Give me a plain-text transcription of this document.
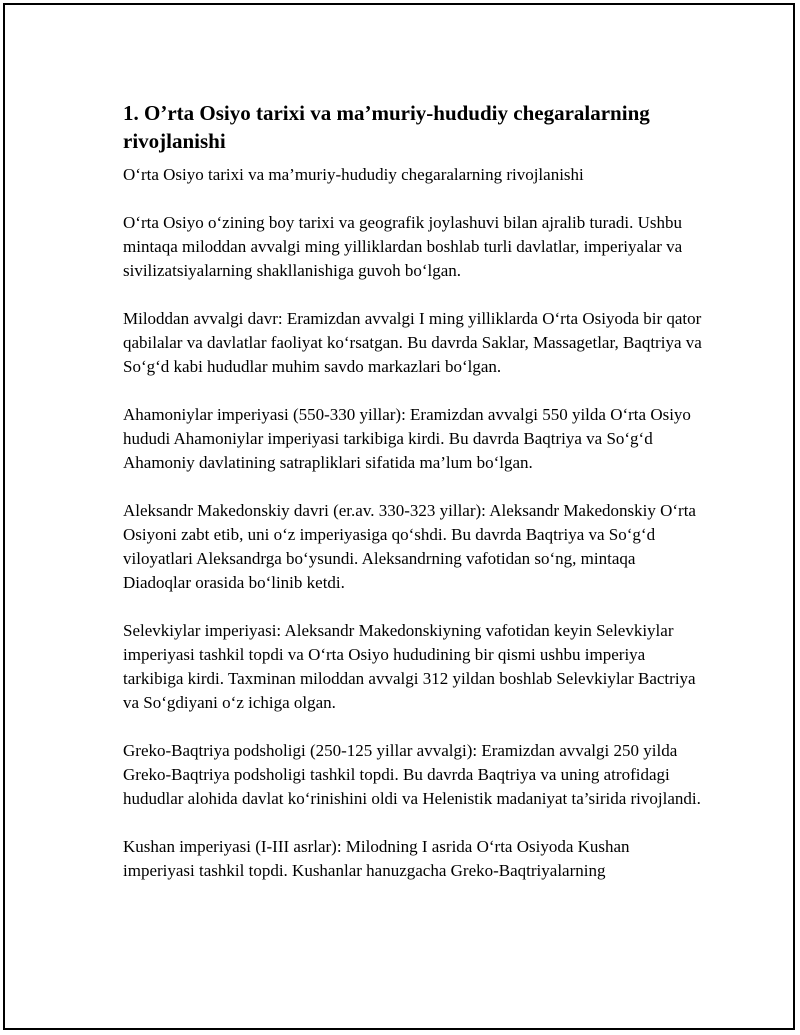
1. O’rta Osiyo tarixi va ma’muriy-hududiy chegaralarning rivojlanishi

O‘rta Osiyo tarixi va ma’muriy-hududiy chegaralarning rivojlanishi

O‘rta Osiyo o‘zining boy tarixi va geografik joylashuvi bilan ajralib turadi. Ushbu mintaqa miloddan avvalgi ming yilliklardan boshlab turli davlatlar, imperiyalar va sivilizatsiyalarning shakllanishiga guvoh bo‘lgan.

Miloddan avvalgi davr: Eramizdan avvalgi I ming yilliklarda O‘rta Osiyoda bir qator qabilalar va davlatlar faoliyat ko‘rsatgan. Bu davrda Saklar, Massagetlar, Baqtriya va So‘g‘d kabi hududlar muhim savdo markazlari bo‘lgan.

Ahamoniylar imperiyasi (550-330 yillar): Eramizdan avvalgi 550 yilda O‘rta Osiyo hududi Ahamoniylar imperiyasi tarkibiga kirdi. Bu davrda Baqtriya va So‘g‘d Ahamoniy davlatining satrapliklari sifatida ma’lum bo‘lgan.

Aleksandr Makedonskiy davri (er.av. 330-323 yillar): Aleksandr Makedonskiy O‘rta Osiyoni zabt etib, uni o‘z imperiyasiga qo‘shdi. Bu davrda Baqtriya va So‘g‘d viloyatlari Aleksandrga bo‘ysundi. Aleksandrning vafotidan so‘ng, mintaqa Diadoqlar orasida bo‘linib ketdi.

Selevkiylar imperiyasi: Aleksandr Makedonskiyning vafotidan keyin Selevkiylar imperiyasi tashkil topdi va O‘rta Osiyo hududining bir qismi ushbu imperiya tarkibiga kirdi. Taxminan miloddan avvalgi 312 yildan boshlab Selevkiylar Bactriya va So‘gdiyani o‘z ichiga olgan.

Greko-Baqtriya podsholigi (250-125 yillar avvalgi): Eramizdan avvalgi 250 yilda Greko-Baqtriya podsholigi tashkil topdi. Bu davrda Baqtriya va uning atrofidagi hududlar alohida davlat ko‘rinishini oldi va Helenistik madaniyat ta’sirida rivojlandi.

Kushan imperiyasi (I-III asrlar): Milodning I asrida O‘rta Osiyoda Kushan imperiyasi tashkil topdi. Kushanlar hanuzgacha Greko-Baqtriyalarning
